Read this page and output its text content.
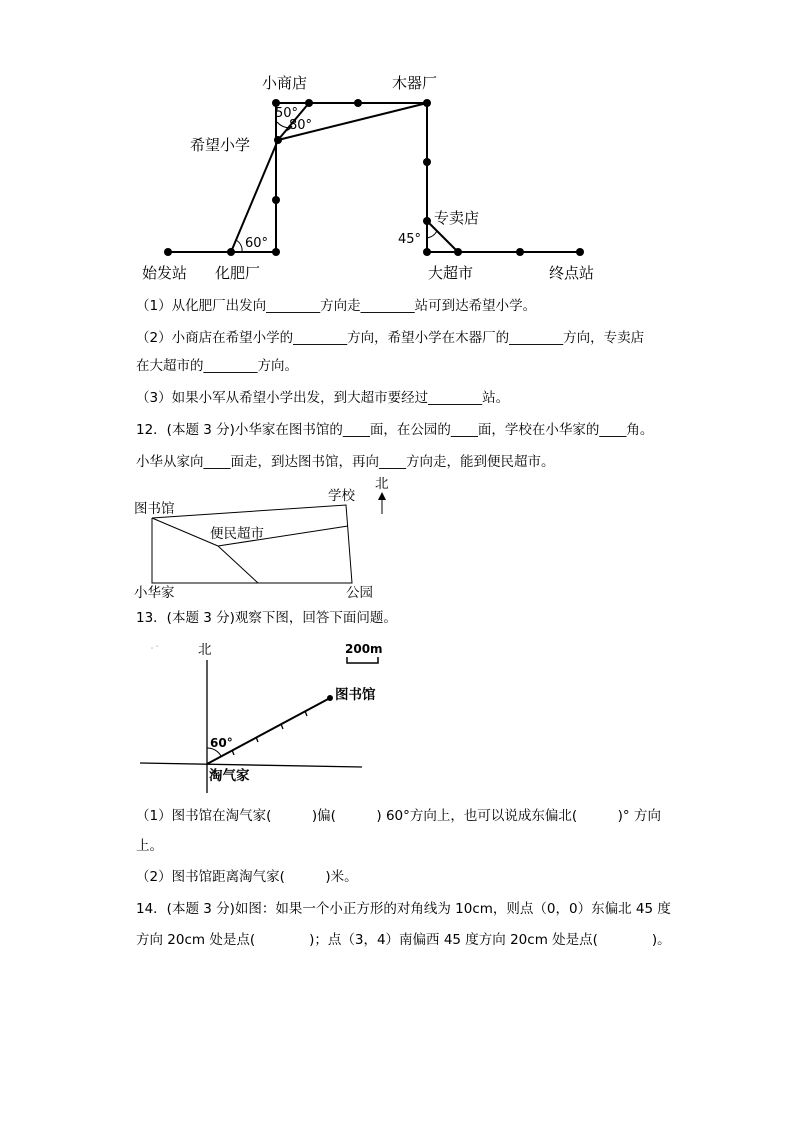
小商店	木器厂
希望小学
50°
80°
专卖店
45°
60°
始发站 化肥厂	大超市	终点站
（1）从化肥厂出发向________方向走________站可到达希望小学。
（2）小商店在希望小学的________方向，希望小学在木器厂的________方向，专卖店
在大超市的________方向。
（3）如果小军从希望小学出发，到大超市要经过________站。
12．(本题 3 分)小华家在图书馆的____面，在公园的____面，学校在小华家的____角。
小华从家向____面走，到达图书馆，再向____方向走，能到便民超市。
图书馆
学校
北
便民超市
小华家	公园
13．(本题 3 分)观察下图，回答下面问题。
北	200m
图书馆
60°
淘气家
（1）图书馆在淘气家(　　　)偏(　　　) 60°方向上，也可以说成东偏北(　　　)° 方向
上。
（2）图书馆距离淘气家(　　　)米。
14．(本题 3 分)如图：如果一个小正方形的对角线为 10cm，则点（0，0）东偏北 45 度
方向 20cm 处是点(　　　　)；点（3，4）南偏西 45 度方向 20cm 处是点(　　　　)。
